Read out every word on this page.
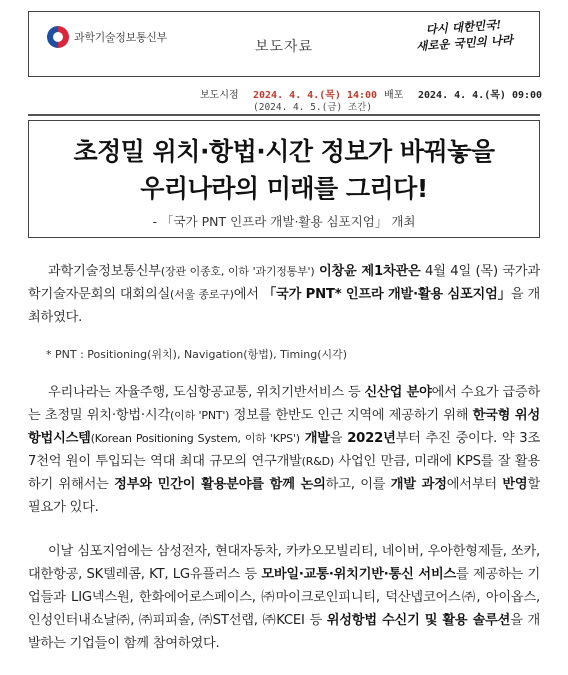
과학기술정보통신부
보도자료
다시 대한민국!
새로운 국민의 나라
보도시점 2024. 4. 4.(목) 14:00
(2024. 4. 5.(금) 조간)
배포 2024. 4. 4.(목) 09:00
초정밀 위치·항법·시간 정보가 바꿔놓을
우리나라의 미래를 그리다!
- 「국가 PNT 인프라 개발·활용 심포지엄」 개최
과학기술정보통신부(장관 이종호, 이하 '과기정통부') 이창윤 제1차관은 4월 4일 (목) 국가과학기술자문회의 대회의실(서울 종로구)에서 「국가 PNT* 인프라 개발·활용 심포지엄」을 개최하였다.
* PNT : Positioning(위치), Navigation(항법), Timing(시각)
우리나라는 자율주행, 도심항공교통, 위치기반서비스 등 신산업 분야에서 수요가 급증하는 초정밀 위치·항법·시각(이하 'PNT') 정보를 한반도 인근 지역에 제공하기 위해 한국형 위성항법시스템(Korean Positioning System, 이하 'KPS') 개발을 2022년부터 추진 중이다. 약 3조 7천억 원이 투입되는 역대 최대 규모의 연구개발(R&D) 사업인 만큼, 미래에 KPS를 잘 활용하기 위해서는 정부와 민간이 활용분야를 함께 논의하고, 이를 개발 과정에서부터 반영할 필요가 있다.
이날 심포지엄에는 삼성전자, 현대자동차, 카카오모빌리티, 네이버, 우아한형제들, 쏘카, 대한항공, SK텔레콤, KT, LG유플러스 등 모바일·교통·위치기반·통신 서비스를 제공하는 기업들과 LIG넥스원, 한화에어로스페이스, ㈜마이크로인피니티, 덕산넵코어스㈜, 아이옵스, 인성인터내쇼날㈜, ㈜피피솔, ㈜ST선랩, ㈜KCEI 등 위성항법 수신기 및 활용 솔루션을 개발하는 기업들이 함께 참여하였다.
